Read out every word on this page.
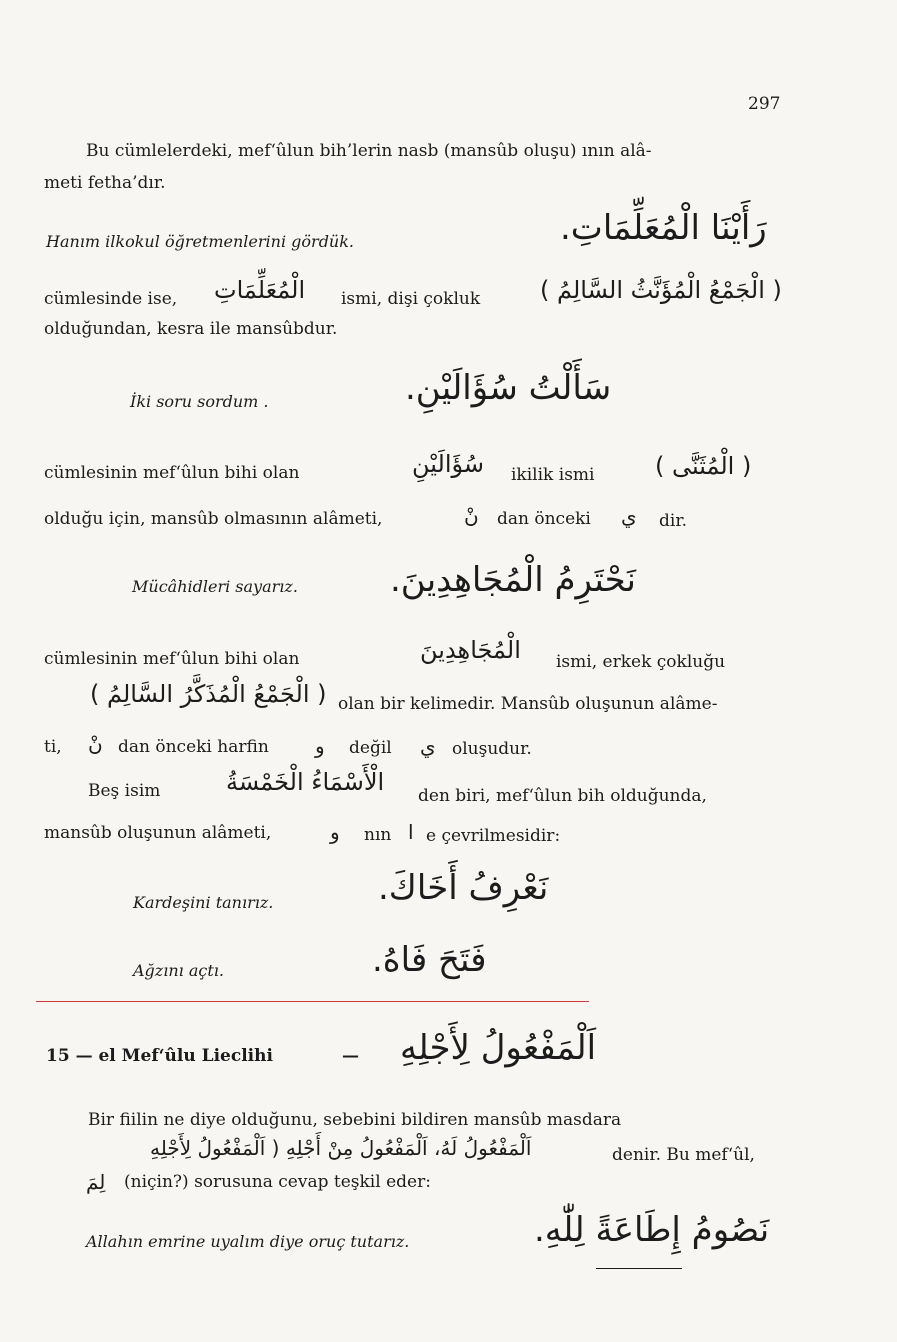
297
Bu cümlelerdeki, mef‘ûlun bih’lerin nasb (mansûb oluşu) ının alâ-
meti fetha’dır.
Hanım ilkokul öğretmenlerini gördük.	رَأَيْنَا الْمُعَلِّمَاتِ.
cümlesinde ise, الْمُعَلِّمَاتِ ismi, dişi çokluk ( الْجَمْعُ الْمُؤَنَّثُ السَّالِمُ )
olduğundan, kesra ile mansûbdur.
İki soru sordum .	سَأَلْتُ سُؤَالَيْنِ.
cümlesinin mef‘ûlun bihi olan	سُؤَالَيْنِ ikilik ismi	( الْمُثَنَّى )
olduğu için, mansûb olmasının alâmeti,	نْ dan önceki ي dir.
Mücâhidleri sayarız.	نَحْتَرِمُ الْمُجَاهِدِينَ.
cümlesinin mef‘ûlun bihi olan	الْمُجَاهِدِينَ ismi, erkek çokluğu
( الْجَمْعُ الْمُذَكَّرُ السَّالِمُ ) olan bir kelimedir. Mansûb oluşunun alâme-
ti, نْ dan önceki harfin و değil ي oluşudur.
Beş isim	الْأَسْمَاءُ الْخَمْسَةُ den biri, mef‘ûlun bih olduğunda,
mansûb oluşunun alâmeti,	و nın ا e çevrilmesidir:
Kardeşini tanırız.	نَعْرِفُ أَخَاكَ.
Ağzını açtı.	فَتَحَ فَاهُ.
15 — el Mef‘ûlu Lieclihi	— اَلْمَفْعُولُ لِأَجْلِهِ
Bir fiilin ne diye olduğunu, sebebini bildiren mansûb masdara
اَلْمَفْعُولُ لَهُ، اَلْمَفْعُولُ مِنْ أَجْلِهِ ( اَلْمَفْعُولُ لِأَجْلِهِ	denir. Bu mef‘ûl,
لِمَ (niçin?) sorusuna cevap teşkil eder:
Allahın emrine uyalım diye oruç tutarız.	نَصُومُ إِطَاعَةً لِلّٰهِ.
